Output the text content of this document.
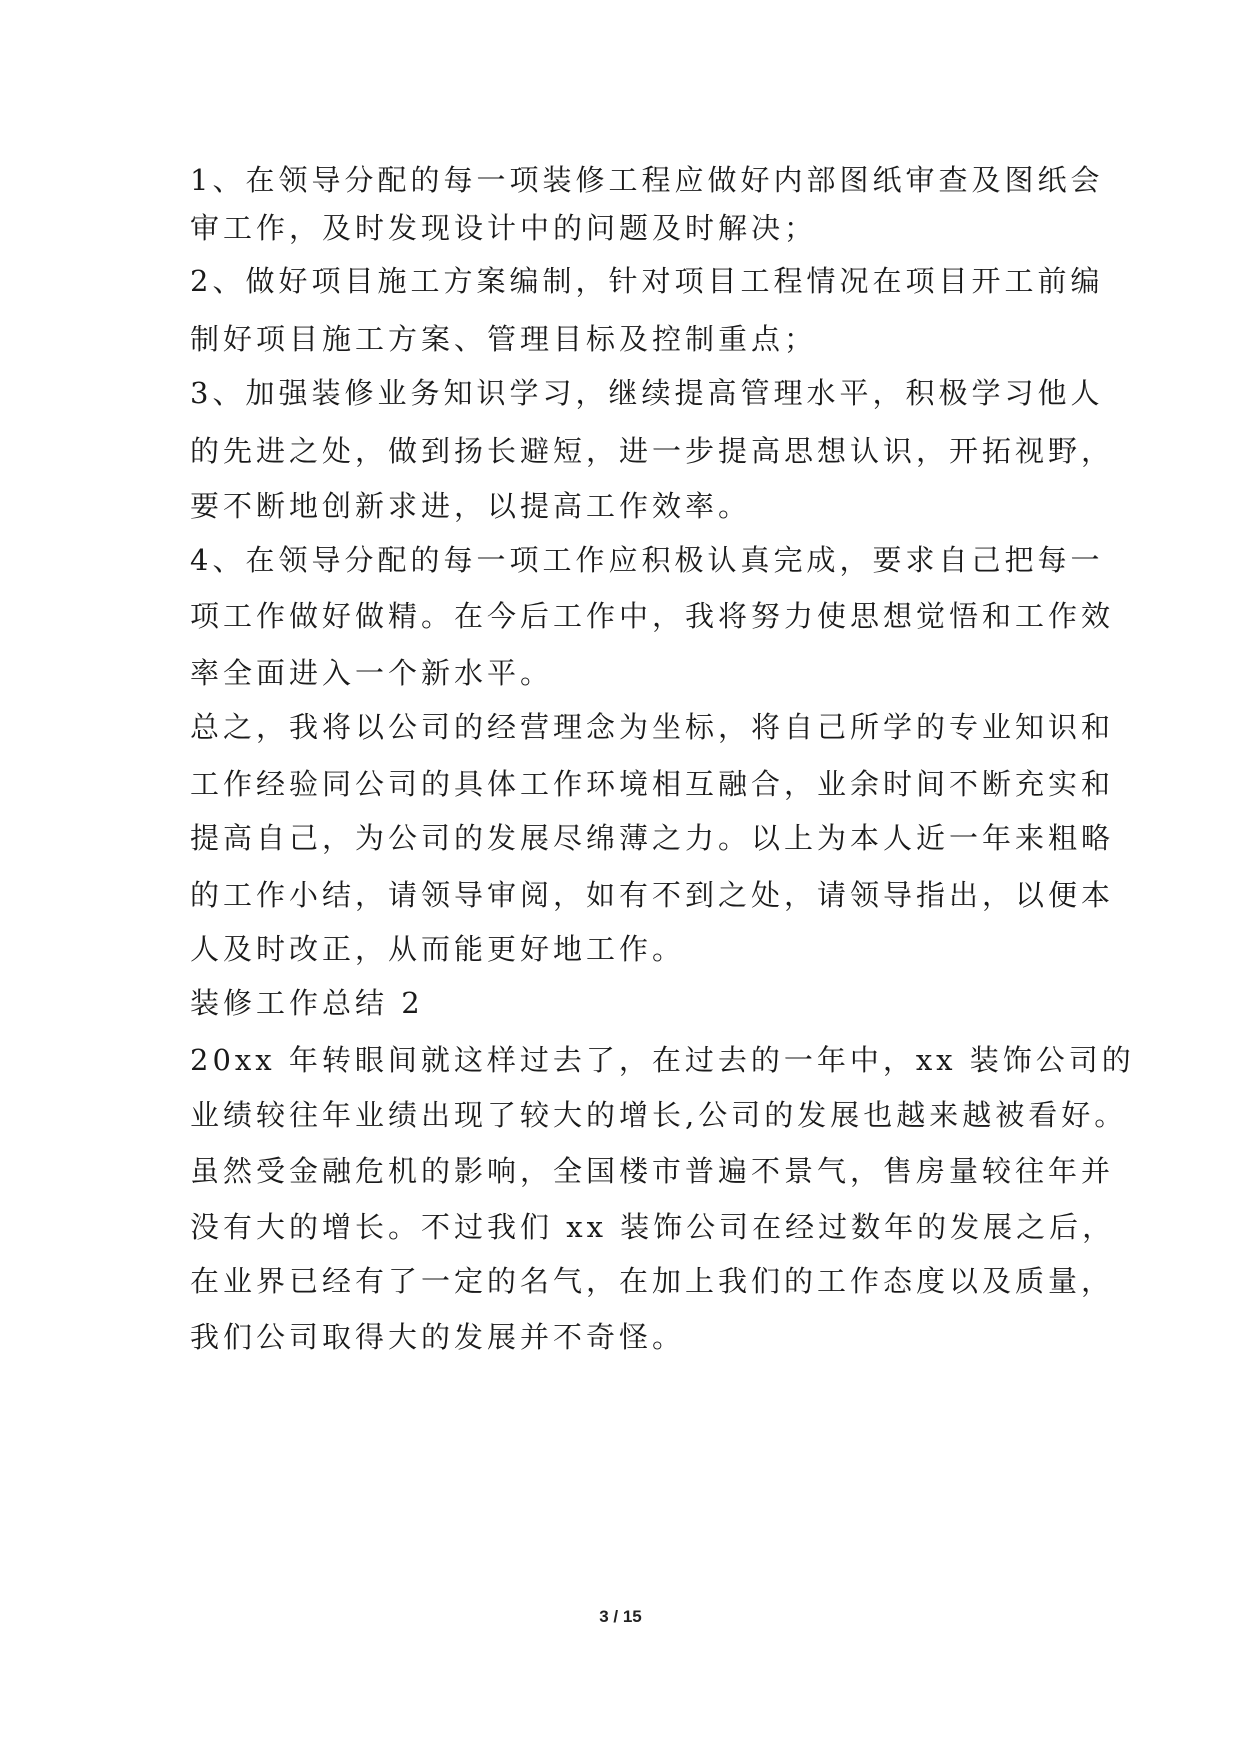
1、在领导分配的每一项装修工程应做好内部图纸审查及图纸会
审工作，及时发现设计中的问题及时解决；
2、做好项目施工方案编制，针对项目工程情况在项目开工前编
制好项目施工方案、管理目标及控制重点；
3、加强装修业务知识学习，继续提高管理水平，积极学习他人
的先进之处，做到扬长避短，进一步提高思想认识，开拓视野，
要不断地创新求进，以提高工作效率。
4、在领导分配的每一项工作应积极认真完成，要求自己把每一
项工作做好做精。在今后工作中，我将努力使思想觉悟和工作效
率全面进入一个新水平。
总之，我将以公司的经营理念为坐标，将自己所学的专业知识和
工作经验同公司的具体工作环境相互融合，业余时间不断充实和
提高自己，为公司的发展尽绵薄之力。以上为本人近一年来粗略
的工作小结，请领导审阅，如有不到之处，请领导指出，以便本
人及时改正，从而能更好地工作。
装修工作总结 2
20xx 年转眼间就这样过去了，在过去的一年中，xx 装饰公司的
业绩较往年业绩出现了较大的增长,公司的发展也越来越被看好。
虽然受金融危机的影响，全国楼市普遍不景气，售房量较往年并
没有大的增长。不过我们 xx 装饰公司在经过数年的发展之后，
在业界已经有了一定的名气，在加上我们的工作态度以及质量，
我们公司取得大的发展并不奇怪。
3 / 15
